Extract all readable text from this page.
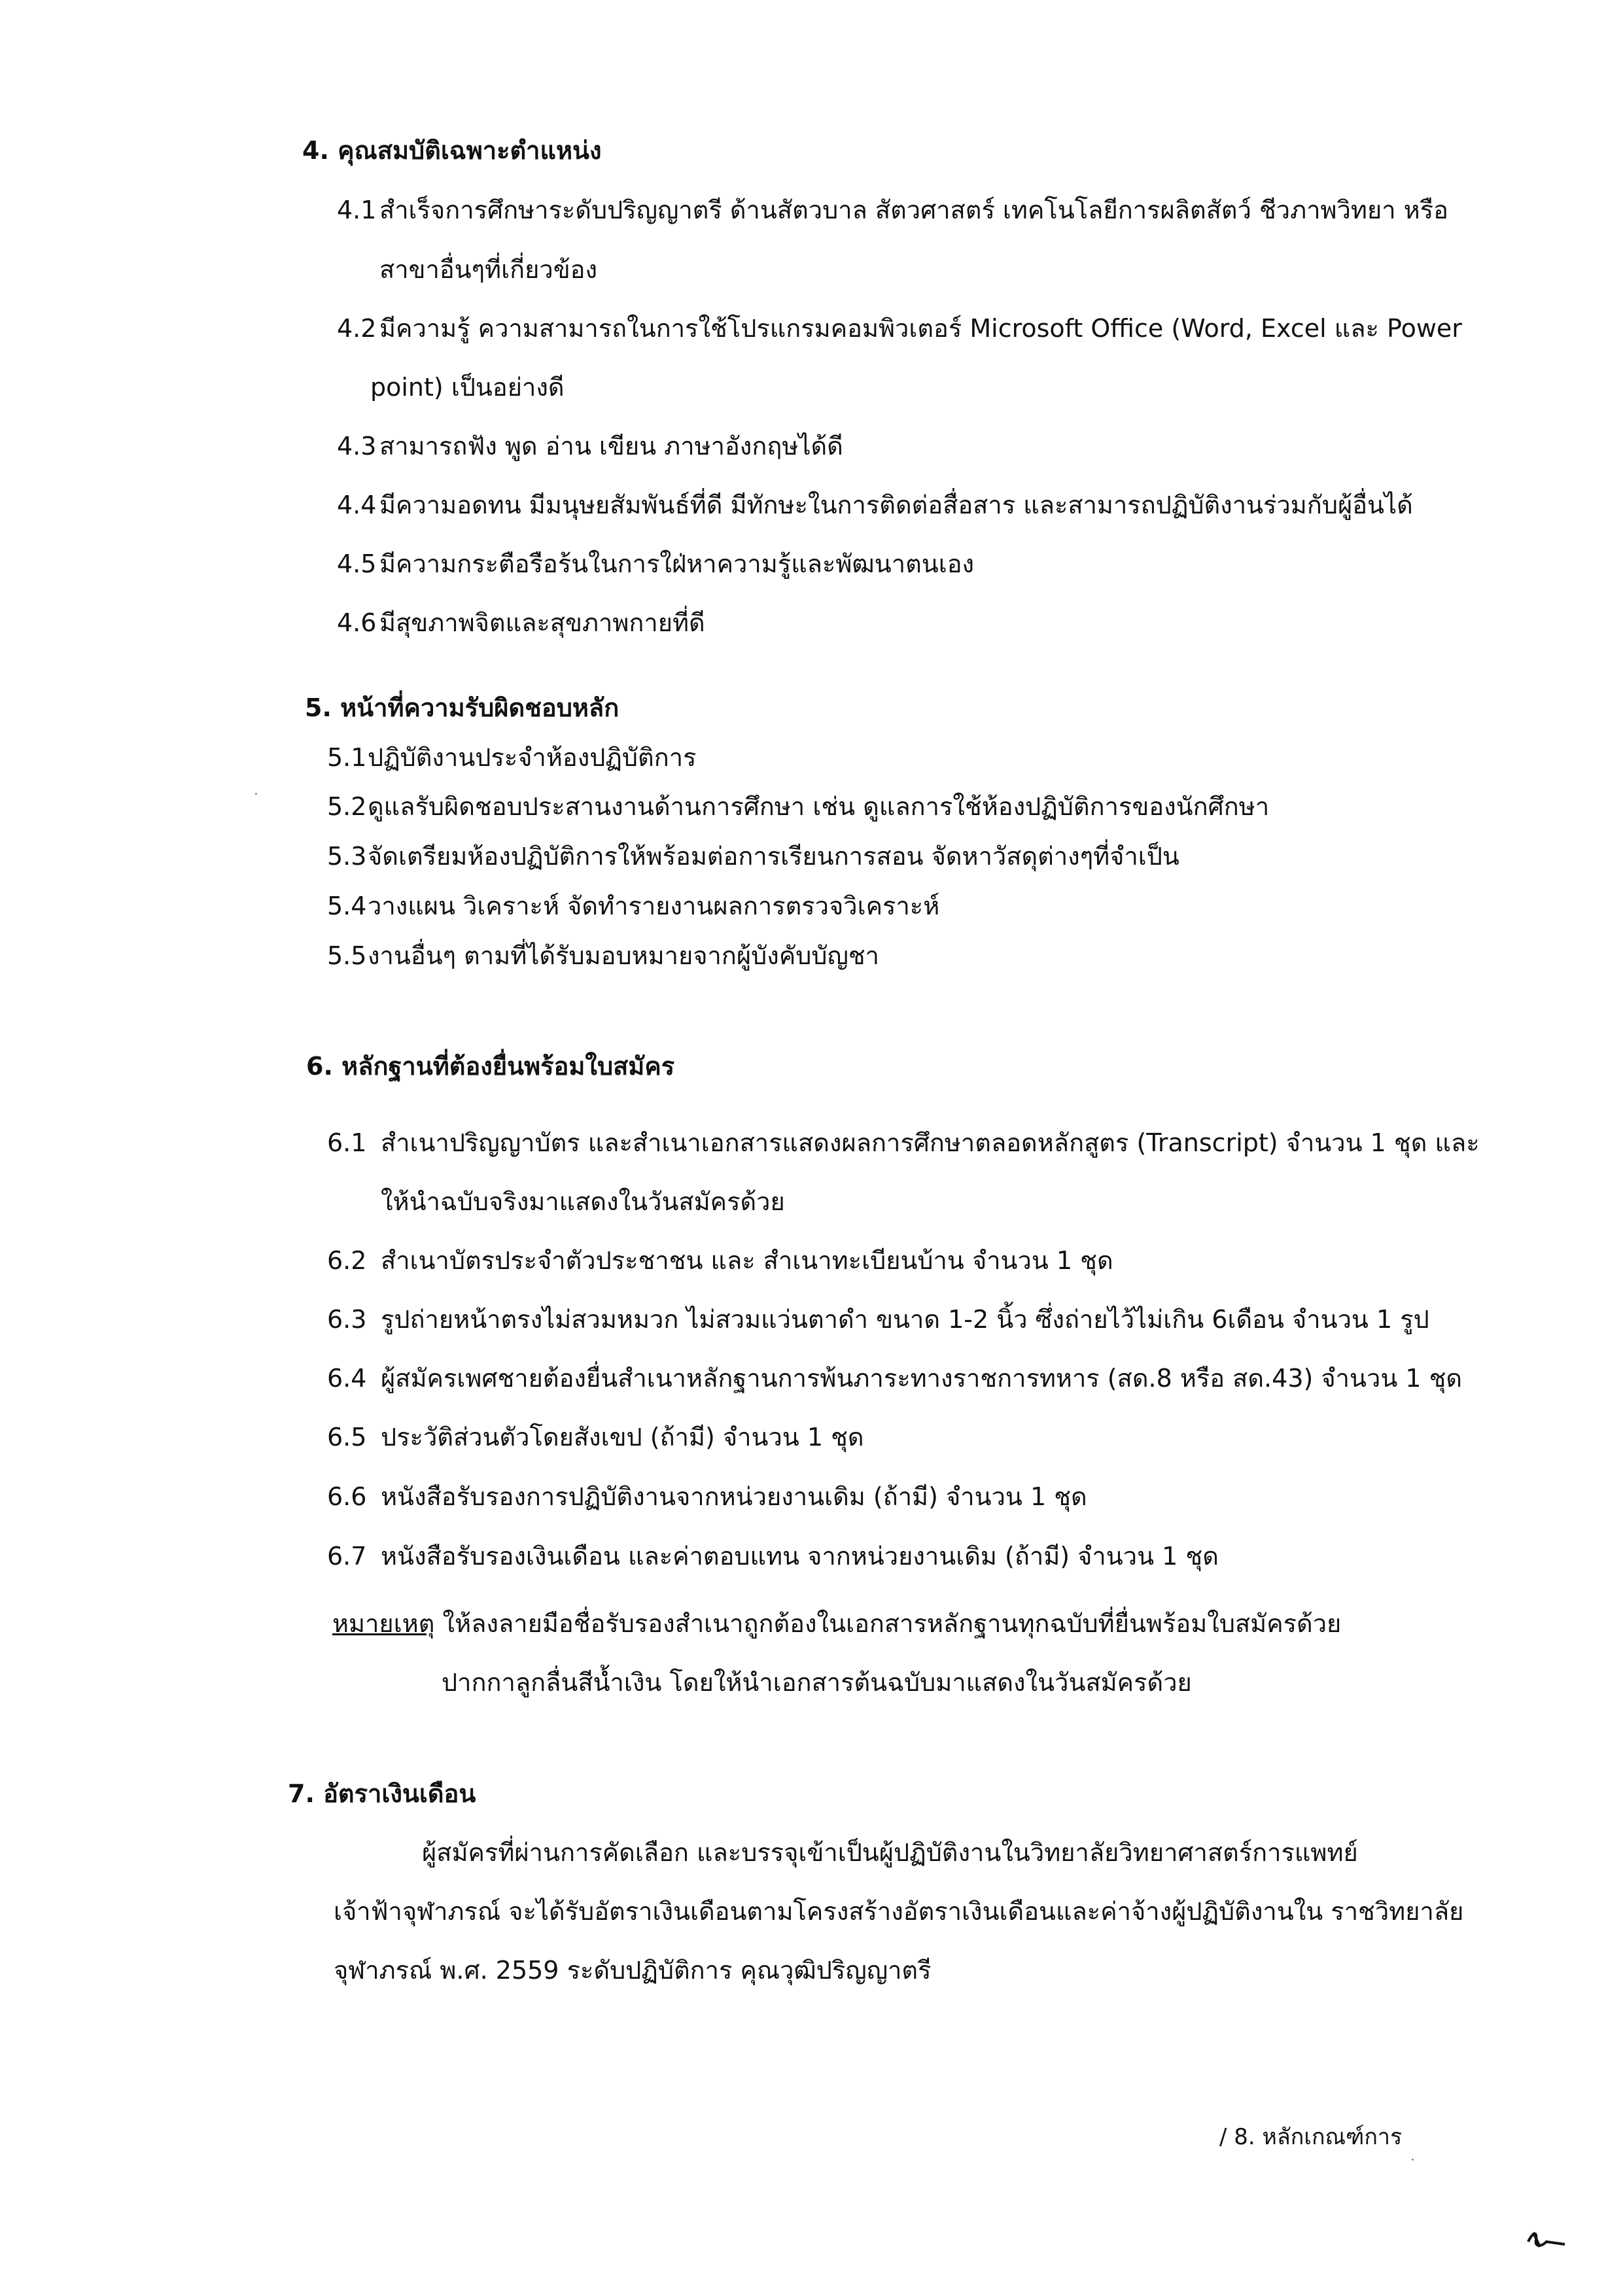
4. คุณสมบัติเฉพาะตำแหน่ง
4.1 สำเร็จการศึกษาระดับปริญญาตรี ด้านสัตวบาล สัตวศาสตร์ เทคโนโลยีการผลิตสัตว์ ชีวภาพวิทยา หรือ
สาขาอื่นๆที่เกี่ยวข้อง
4.2 มีความรู้ ความสามารถในการใช้โปรแกรมคอมพิวเตอร์ Microsoft Office (Word, Excel และ Power
point) เป็นอย่างดี
4.3 สามารถฟัง พูด อ่าน เขียน ภาษาอังกฤษได้ดี
4.4 มีความอดทน มีมนุษยสัมพันธ์ที่ดี มีทักษะในการติดต่อสื่อสาร และสามารถปฏิบัติงานร่วมกับผู้อื่นได้
4.5 มีความกระตือรือร้นในการใฝ่หาความรู้และพัฒนาตนเอง
4.6 มีสุขภาพจิตและสุขภาพกายที่ดี
5. หน้าที่ความรับผิดชอบหลัก
5.1ปฏิบัติงานประจำห้องปฏิบัติการ
5.2ดูแลรับผิดชอบประสานงานด้านการศึกษา เช่น ดูแลการใช้ห้องปฏิบัติการของนักศึกษา
5.3จัดเตรียมห้องปฏิบัติการให้พร้อมต่อการเรียนการสอน จัดหาวัสดุต่างๆที่จำเป็น
5.4วางแผน วิเคราะห์ จัดทำรายงานผลการตรวจวิเคราะห์
5.5งานอื่นๆ ตามที่ได้รับมอบหมายจากผู้บังคับบัญชา
6. หลักฐานที่ต้องยื่นพร้อมใบสมัคร
6.1 สำเนาปริญญาบัตร และสำเนาเอกสารแสดงผลการศึกษาตลอดหลักสูตร (Transcript) จำนวน 1 ชุด และ
ให้นำฉบับจริงมาแสดงในวันสมัครด้วย
6.2 สำเนาบัตรประจำตัวประชาชน และ สำเนาทะเบียนบ้าน จำนวน 1 ชุด
6.3 รูปถ่ายหน้าตรงไม่สวมหมวก ไม่สวมแว่นตาดำ ขนาด 1-2 นิ้ว ซึ่งถ่ายไว้ไม่เกิน 6เดือน จำนวน 1 รูป
6.4 ผู้สมัครเพศชายต้องยื่นสำเนาหลักฐานการพ้นภาระทางราชการทหาร (สด.8 หรือ สด.43) จำนวน 1 ชุด
6.5 ประวัติส่วนตัวโดยสังเขป (ถ้ามี) จำนวน 1 ชุด
6.6 หนังสือรับรองการปฏิบัติงานจากหน่วยงานเดิม (ถ้ามี) จำนวน 1 ชุด
6.7 หนังสือรับรองเงินเดือน และค่าตอบแทน จากหน่วยงานเดิม (ถ้ามี) จำนวน 1 ชุด
หมายเหตุ ให้ลงลายมือชื่อรับรองสำเนาถูกต้องในเอกสารหลักฐานทุกฉบับที่ยื่นพร้อมใบสมัครด้วย
ปากกาลูกลื่นสีน้ำเงิน โดยให้นำเอกสารต้นฉบับมาแสดงในวันสมัครด้วย
7. อัตราเงินเดือน
ผู้สมัครที่ผ่านการคัดเลือก และบรรจุเข้าเป็นผู้ปฏิบัติงานในวิทยาลัยวิทยาศาสตร์การแพทย์
เจ้าฟ้าจุฬาภรณ์ จะได้รับอัตราเงินเดือนตามโครงสร้างอัตราเงินเดือนและค่าจ้างผู้ปฏิบัติงานใน ราชวิทยาลัย
จุฬาภรณ์ พ.ศ. 2559 ระดับปฏิบัติการ คุณวุฒิปริญญาตรี
/ 8. หลักเกณฑ์การ
